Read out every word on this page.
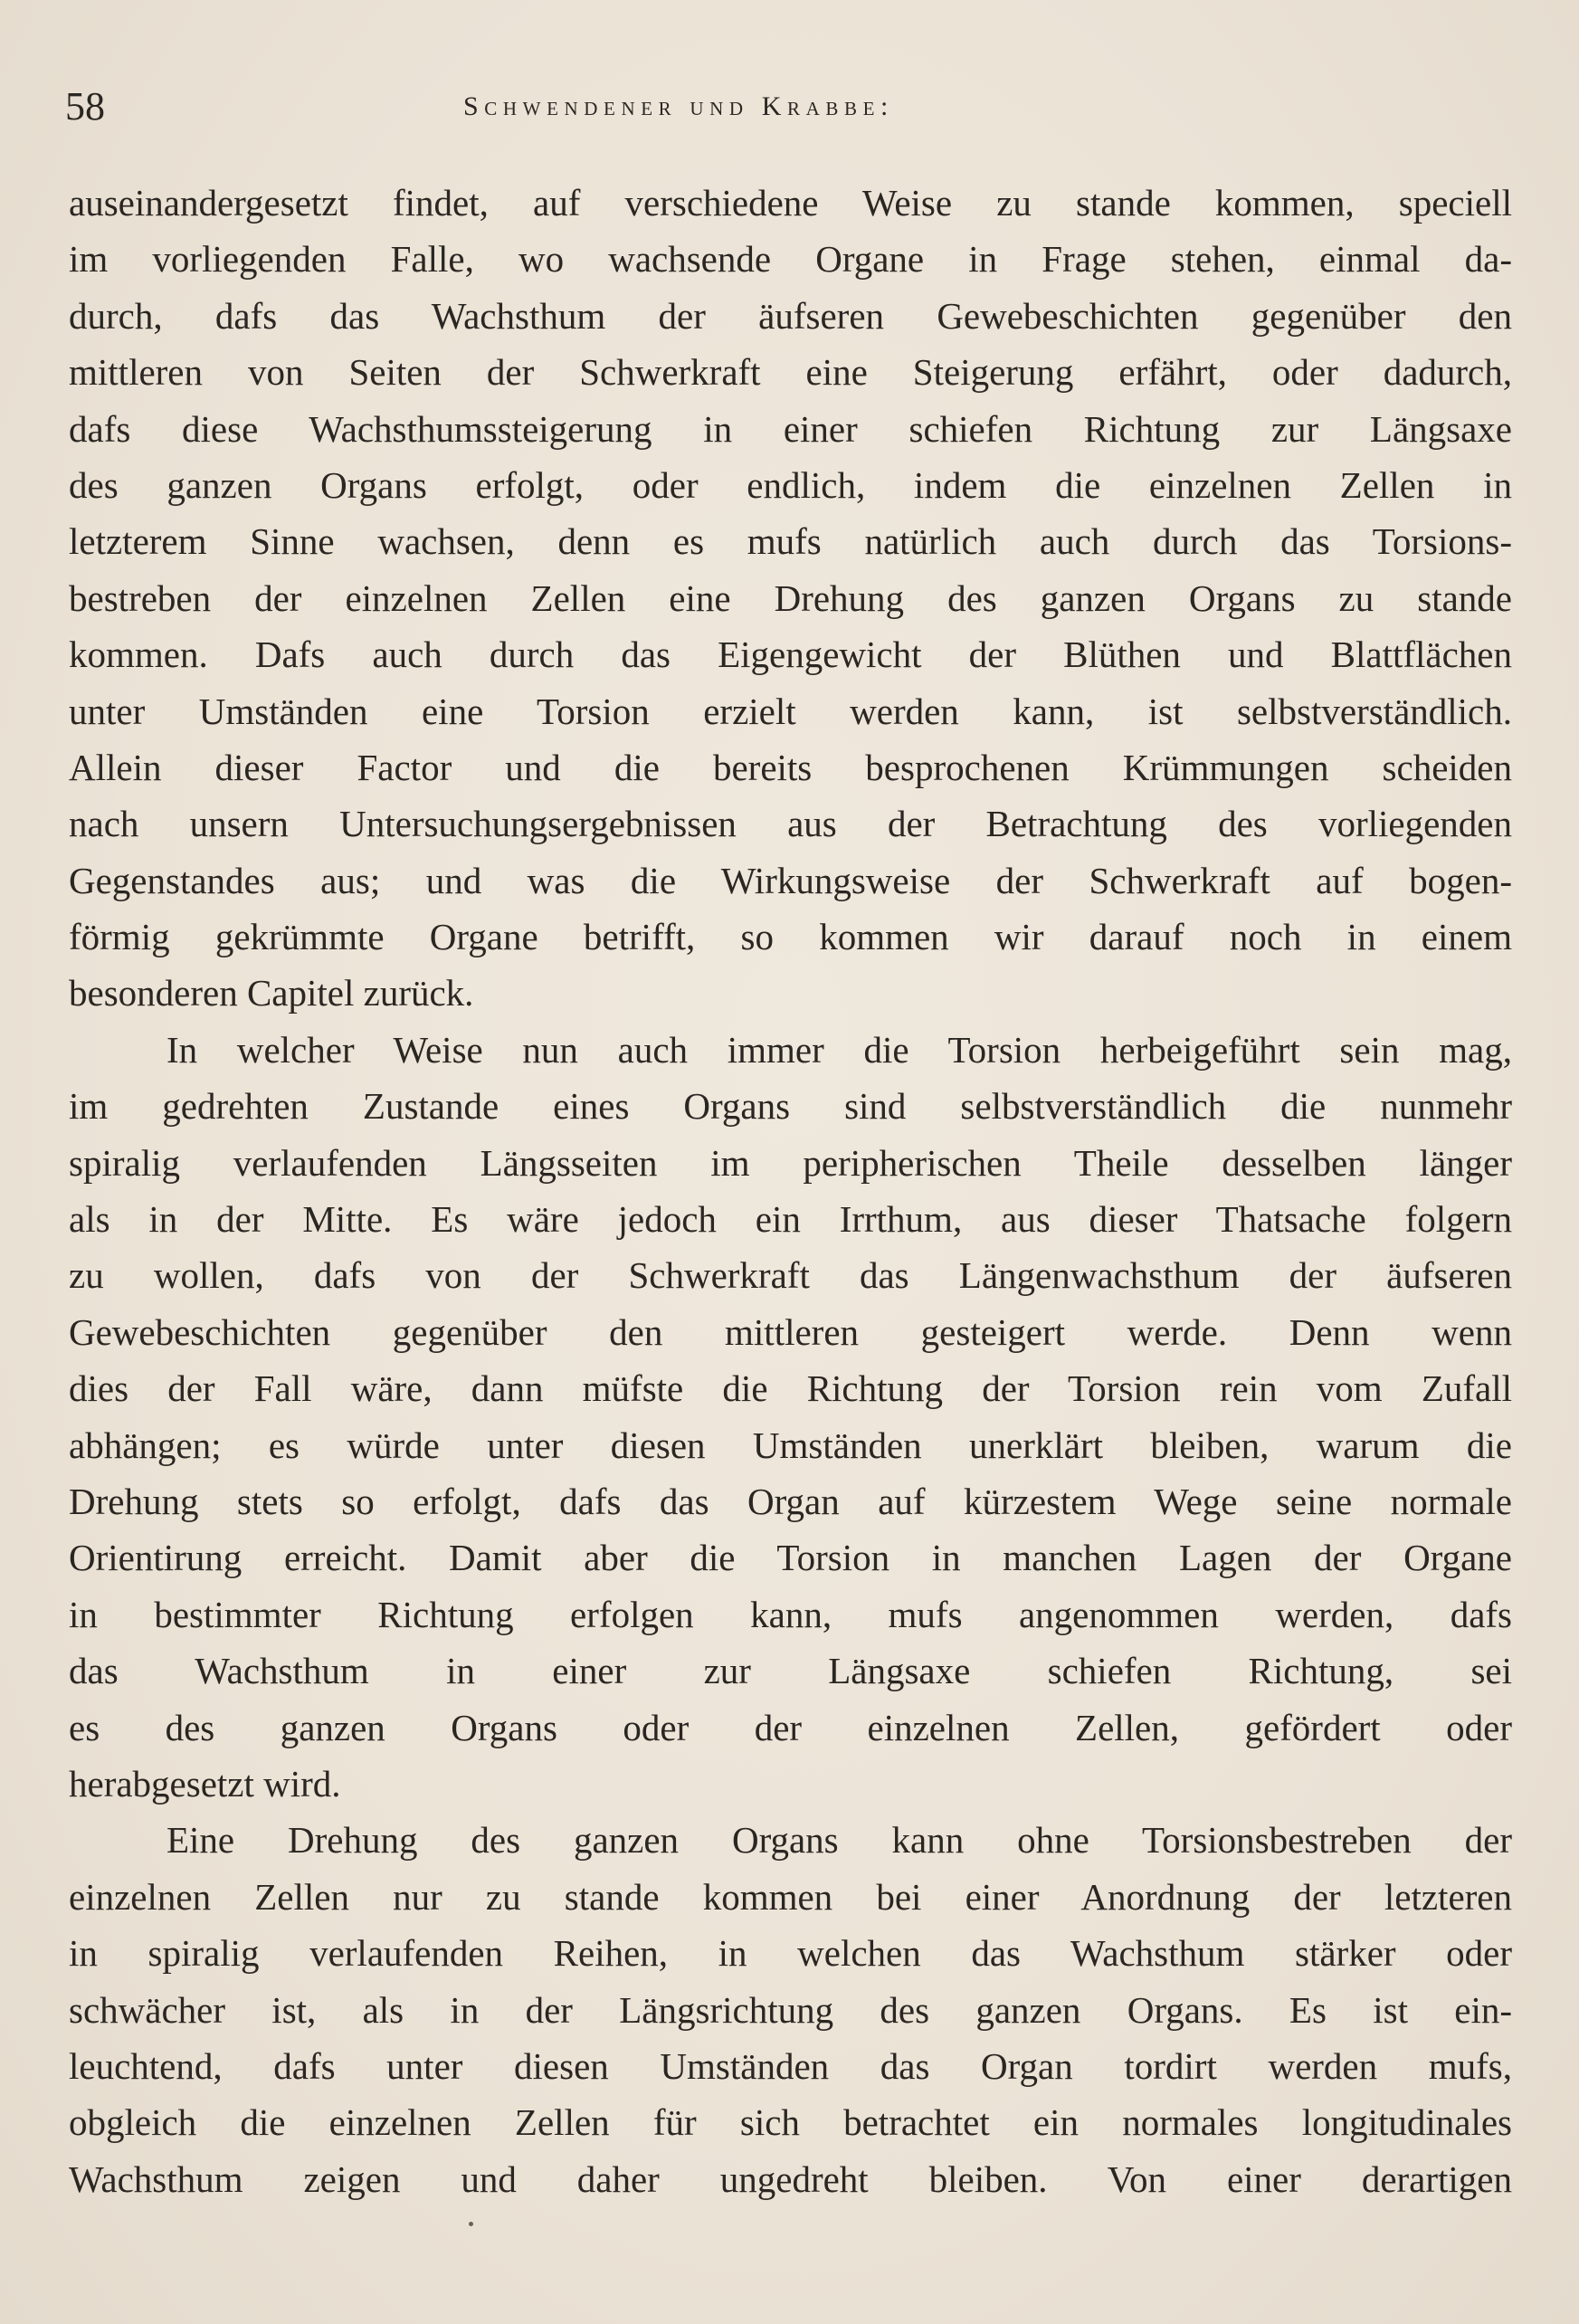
58	Schwendener und Krabbe:
auseinandergesetzt findet, auf verschiedene Weise zu stande kommen, speciell
im vorliegenden Falle, wo wachsende Organe in Frage stehen, einmal da-
durch, dafs das Wachsthum der äufseren Gewebeschichten gegenüber den
mittleren von Seiten der Schwerkraft eine Steigerung erfährt, oder dadurch,
dafs diese Wachsthumssteigerung in einer schiefen Richtung zur Längsaxe
des ganzen Organs erfolgt, oder endlich, indem die einzelnen Zellen in
letzterem Sinne wachsen, denn es mufs natürlich auch durch das Torsions-
bestreben der einzelnen Zellen eine Drehung des ganzen Organs zu stande
kommen. Dafs auch durch das Eigengewicht der Blüthen und Blattflächen
unter Umständen eine Torsion erzielt werden kann, ist selbstverständlich.
Allein dieser Factor und die bereits besprochenen Krümmungen scheiden
nach unsern Untersuchungsergebnissen aus der Betrachtung des vorliegenden
Gegenstandes aus; und was die Wirkungsweise der Schwerkraft auf bogen-
förmig gekrümmte Organe betrifft, so kommen wir darauf noch in einem
besonderen Capitel zurück.
In welcher Weise nun auch immer die Torsion herbeigeführt sein mag,
im gedrehten Zustande eines Organs sind selbstverständlich die nunmehr
spiralig verlaufenden Längsseiten im peripherischen Theile desselben länger
als in der Mitte. Es wäre jedoch ein Irrthum, aus dieser Thatsache folgern
zu wollen, dafs von der Schwerkraft das Längenwachsthum der äufseren
Gewebeschichten gegenüber den mittleren gesteigert werde. Denn wenn
dies der Fall wäre, dann müfste die Richtung der Torsion rein vom Zufall
abhängen; es würde unter diesen Umständen unerklärt bleiben, warum die
Drehung stets so erfolgt, dafs das Organ auf kürzestem Wege seine normale
Orientirung erreicht. Damit aber die Torsion in manchen Lagen der Organe
in bestimmter Richtung erfolgen kann, mufs angenommen werden, dafs
das Wachsthum in einer zur Längsaxe schiefen Richtung, sei
es des ganzen Organs oder der einzelnen Zellen, gefördert oder
herabgesetzt wird.
Eine Drehung des ganzen Organs kann ohne Torsionsbestreben der
einzelnen Zellen nur zu stande kommen bei einer Anordnung der letzteren
in spiralig verlaufenden Reihen, in welchen das Wachsthum stärker oder
schwächer ist, als in der Längsrichtung des ganzen Organs. Es ist ein-
leuchtend, dafs unter diesen Umständen das Organ tordirt werden mufs,
obgleich die einzelnen Zellen für sich betrachtet ein normales longitudinales
Wachsthum zeigen und daher ungedreht bleiben. Von einer derartigen
